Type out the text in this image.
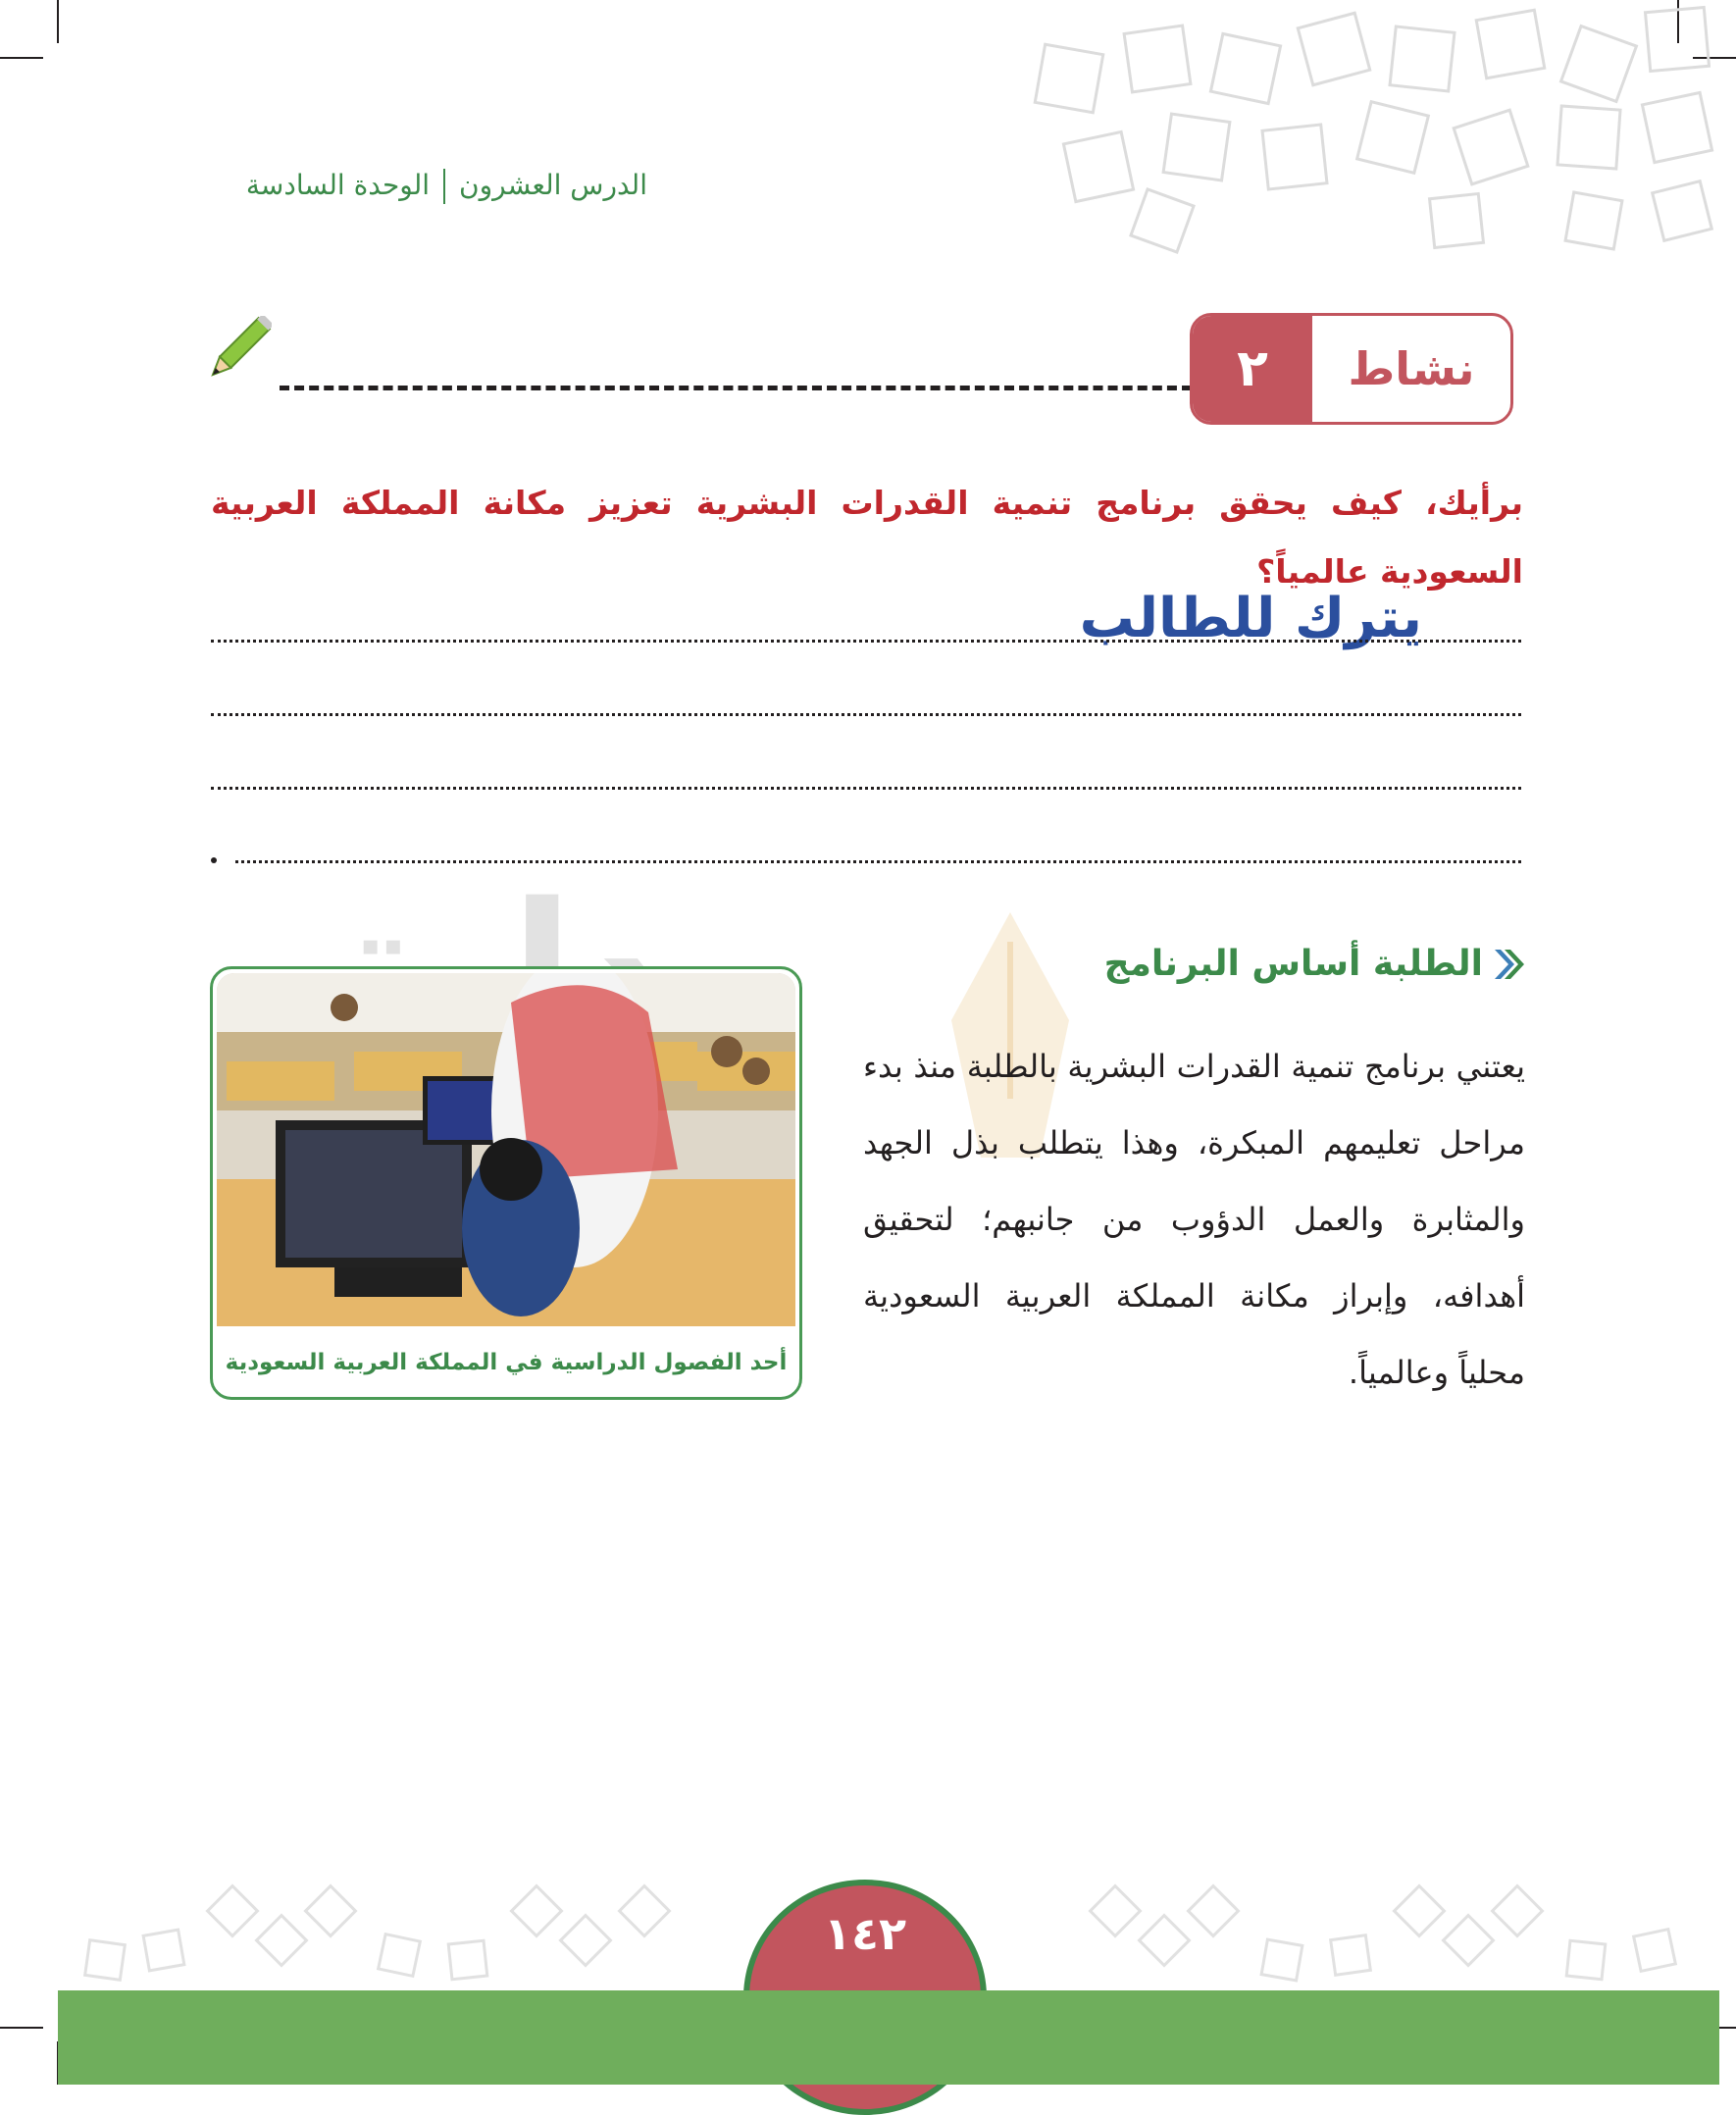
الوحدة السادسة الدرس العشرون
٢	نشاط
برأيك، كيف يحقق برنامج تنمية القدرات البشرية تعزيز مكانة المملكة العربية السعودية عالمياً؟
يترك للطالب
أحد الفصول الدراسية في المملكة العربية السعودية
الطلبة أساس البرنامج
يعتني برنامج تنمية القدرات البشرية بالطلبة منذ بدء مراحل تعليمهم المبكرة، وهذا يتطلب بذل الجهد والمثابرة والعمل الدؤوب من جانبهم؛ لتحقيق أهدافه، وإبراز مكانة المملكة العربية السعودية محلياً وعالمياً.
١٤٢
